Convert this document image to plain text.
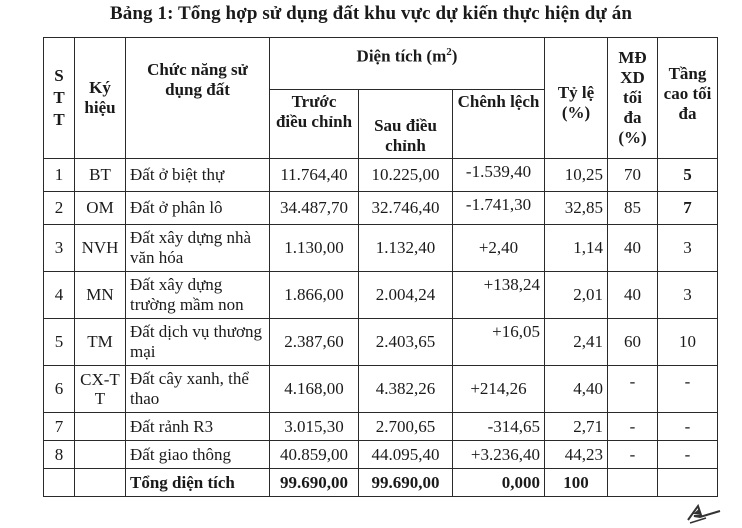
Bảng 1: Tổng hợp sử dụng đất khu vực dự kiến thực hiện dự án
S
T
T	Ký hiệu	Chức năng sử dụng đất	Diện tích $(m^2)$			Tỷ lệ (%)	MĐ XD tối đa (%)	Tầng cao tối đa
			Trước điều chỉnh	Sau điều chỉnh	Chênh lệch			
1	BT	Đất ở biệt thự	11.764,40	10.225,00	-1.539,40	10,25	70	5
2	OM	Đất ở phân lô	34.487,70	32.746,40	-1.741,30	32,85	85	7
3	NVH	Đất xây dựng nhà văn hóa	1.130,00	1.132,40	+2,40	1,14	40	3
4	MN	Đất xây dựng trường mầm non	1.866,00	2.004,24	+138,24	2,01	40	3
5	TM	Đất dịch vụ thương mại	2.387,60	2.403,65	+16,05	2,41	60	10
6	CX-TT	Đất cây xanh, thể thao	4.168,00	4.382,26	+214,26	4,40	-	-
7		Đất rảnh R3	3.015,30	2.700,65	-314,65	2,71	-	-
8		Đất giao thông	40.859,00	44.095,40	+3.236,40	44,23	-	-
		Tổng diện tích	99.690,00	99.690,00	0,000	100		
